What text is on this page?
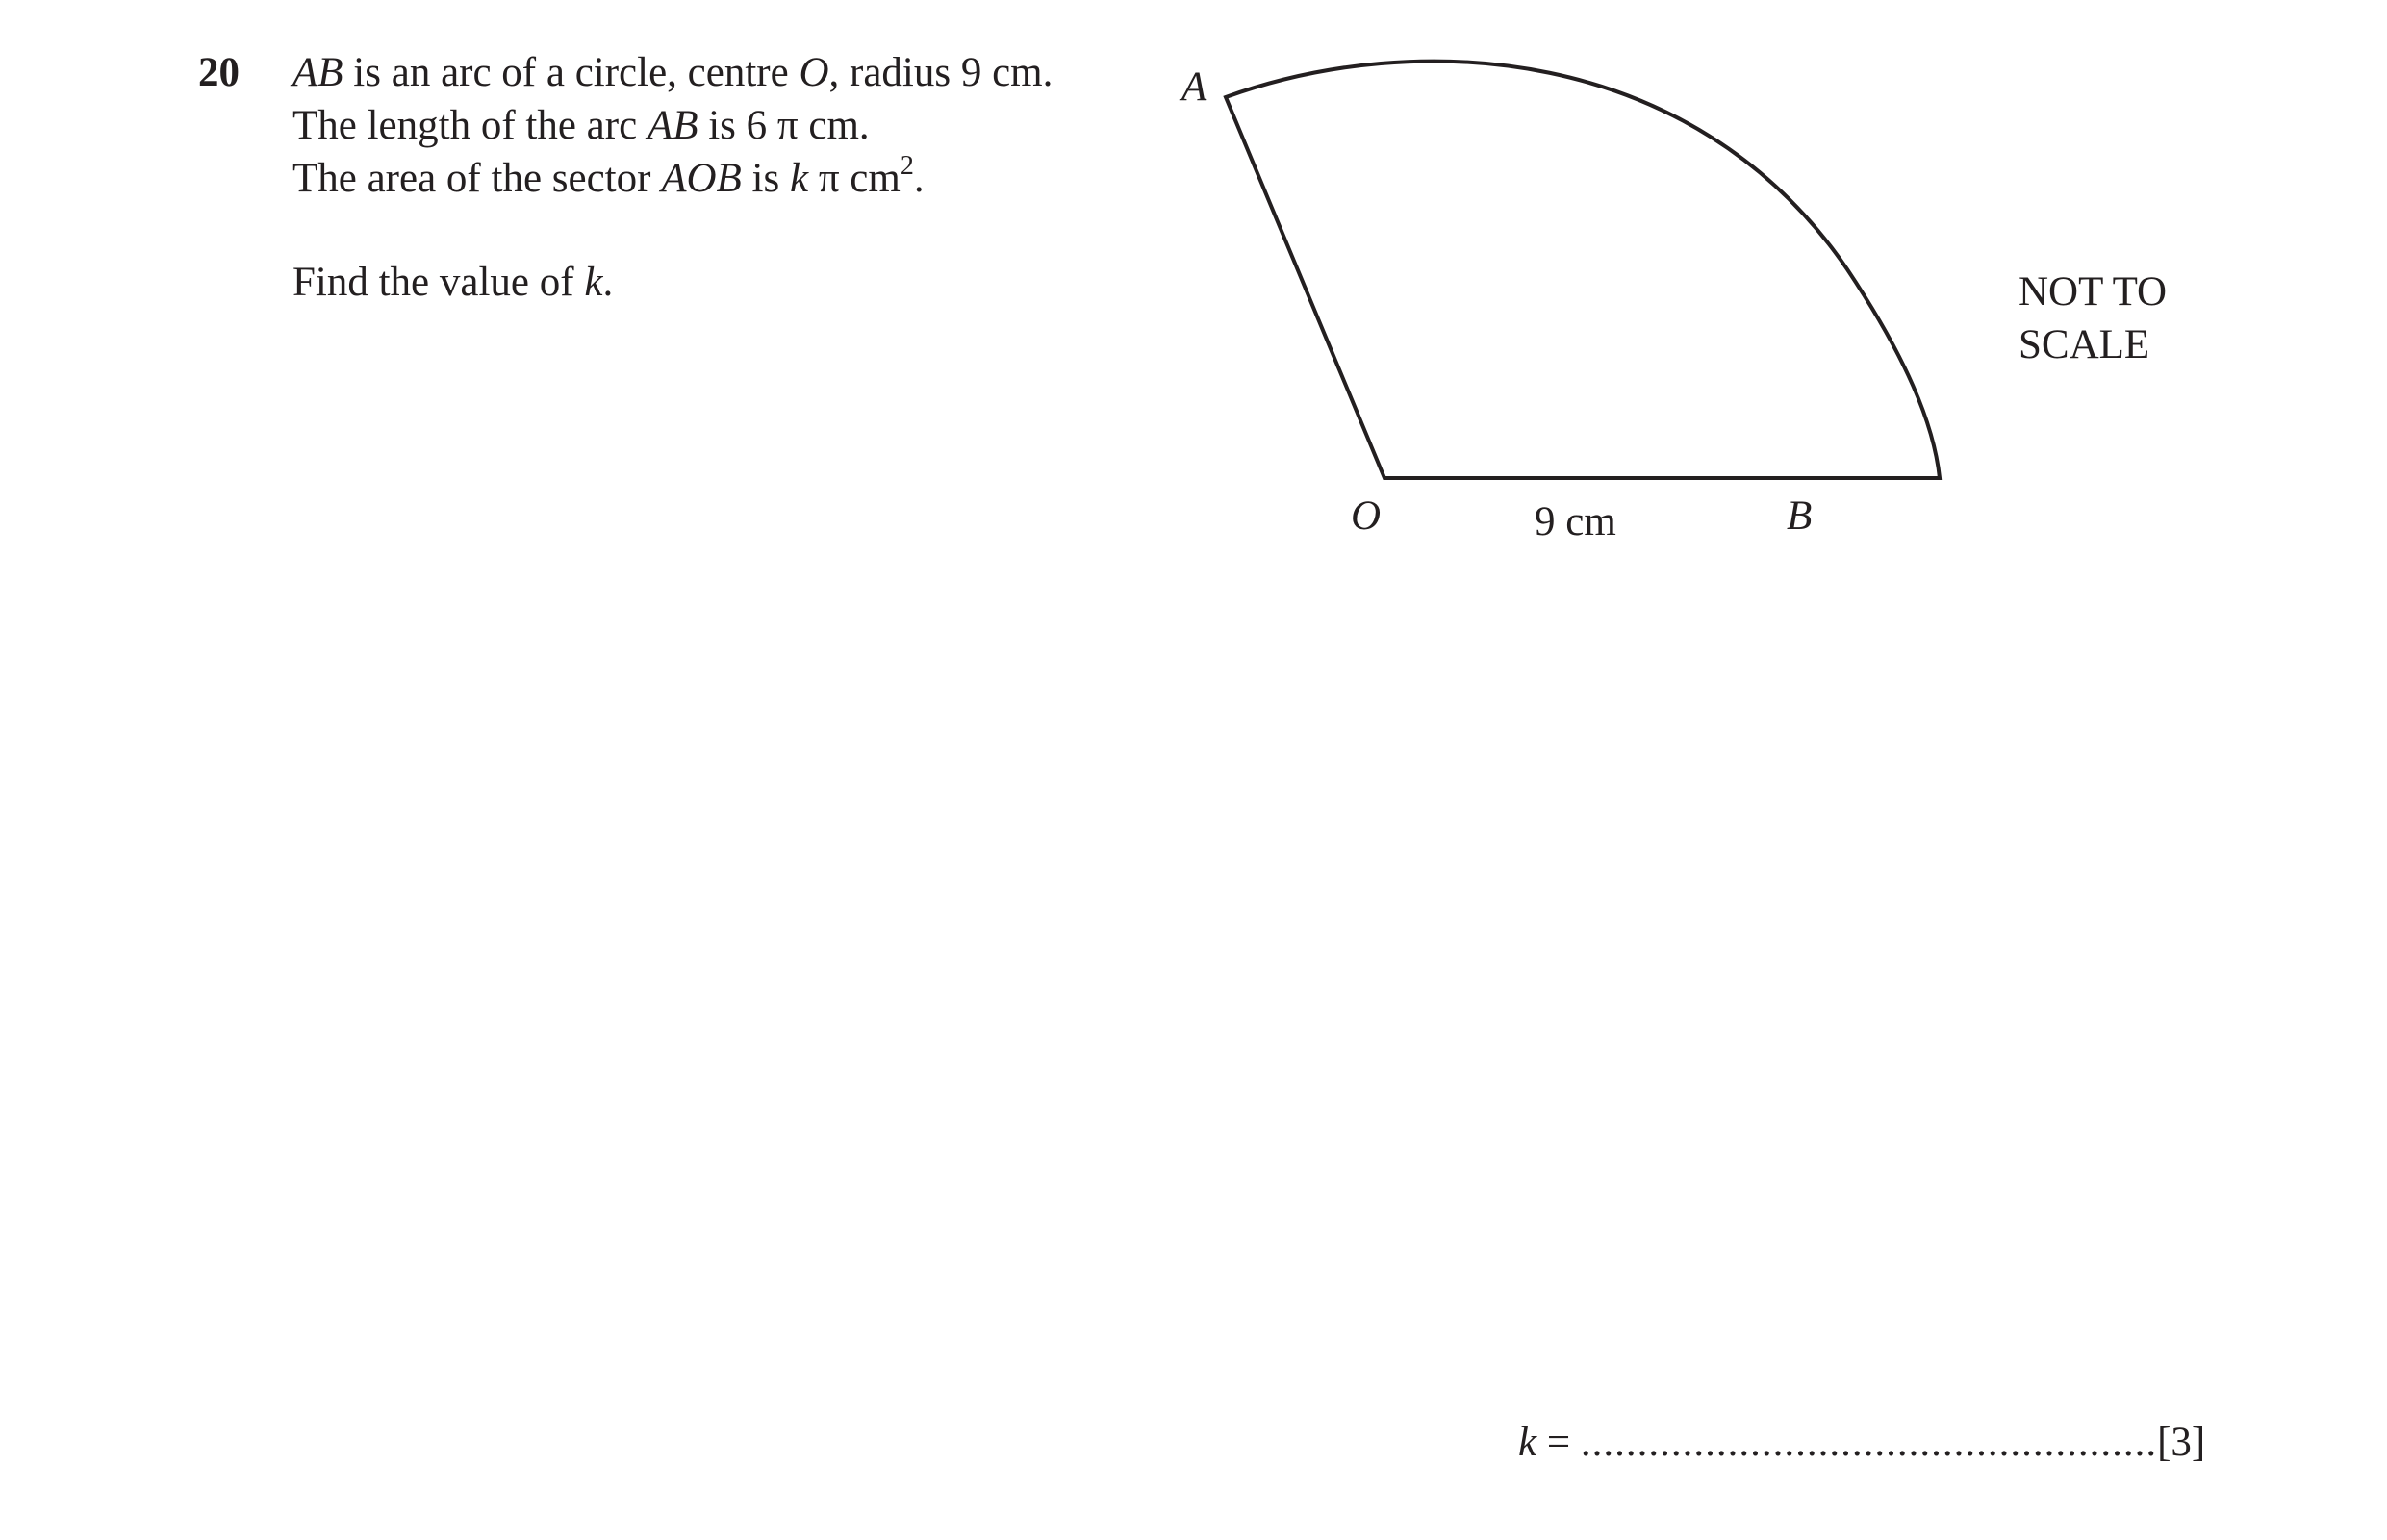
20 AB is an arc of a circle, centre O, radius 9 cm.
The length of the arc AB is 6 π cm.
The area of the sector AOB is k π $cm^2$.
Find the value of k.
A
O	B
9 cm
NOT TO
SCALE
k = ...................................................[3]
